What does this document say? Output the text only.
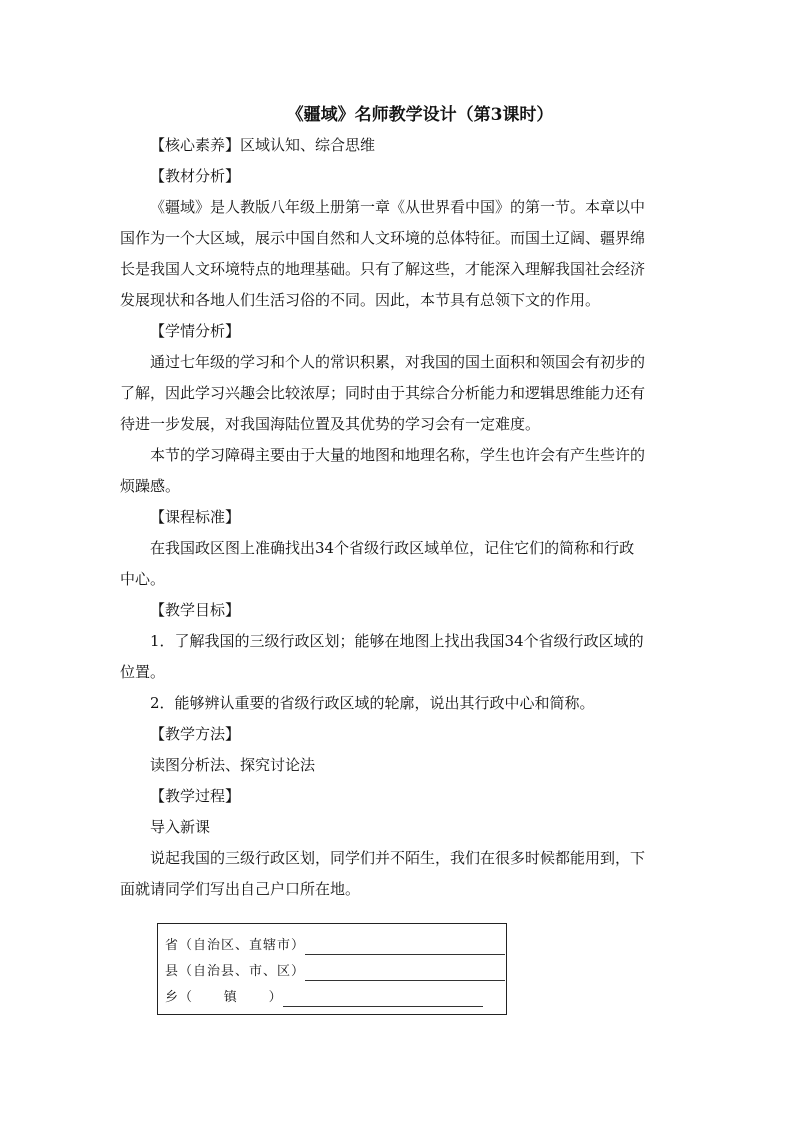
《疆域》名师教学设计（第3课时）
【核心素养】区域认知、综合思维
【教材分析】
《疆域》是人教版八年级上册第一章《从世界看中国》的第一节。本章以中
国作为一个大区域，展示中国自然和人文环境的总体特征。而国土辽阔、疆界绵
长是我国人文环境特点的地理基础。只有了解这些，才能深入理解我国社会经济
发展现状和各地人们生活习俗的不同。因此，本节具有总领下文的作用。
【学情分析】
通过七年级的学习和个人的常识积累，对我国的国土面积和领国会有初步的
了解，因此学习兴趣会比较浓厚；同时由于其综合分析能力和逻辑思维能力还有
待进一步发展，对我国海陆位置及其优势的学习会有一定难度。
本节的学习障碍主要由于大量的地图和地理名称，学生也许会有产生些许的
烦躁感。
【课程标准】
在我国政区图上准确找出34个省级行政区域单位，记住它们的简称和行政
中心。
【教学目标】
1．了解我国的三级行政区划；能够在地图上找出我国34个省级行政区域的
位置。
2．能够辨认重要的省级行政区域的轮廓，说出其行政中心和简称。
【教学方法】
读图分析法、探究讨论法
【教学过程】
导入新课
说起我国的三级行政区划，同学们并不陌生，我们在很多时候都能用到，下
面就请同学们写出自己户口所在地。
省（自治区、直辖市）
县（自治县、市、区）
乡（      镇      ）
